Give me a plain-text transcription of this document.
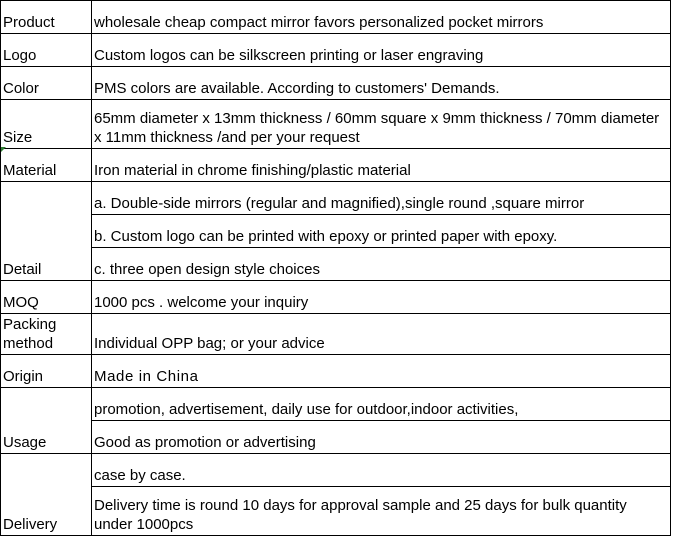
Product	wholesale cheap compact mirror favors personalized pocket mirrors
Logo	Custom logos can be silkscreen printing or laser engraving
Color	PMS colors are available. According to customers' Demands.
Size	65mm diameter x 13mm thickness / 60mm square x 9mm thickness / 70mm diameter x 11mm thickness /and per your request
Material	Iron material in chrome finishing/plastic material
Detail	a. Double-side mirrors (regular and magnified),single round ,square mirror
	b. Custom logo can be printed with epoxy or printed paper with epoxy.
	c. three open design style choices
MOQ	1000 pcs . welcome your inquiry
Packing method	Individual OPP bag; or your advice
Origin	Made in China
Usage	promotion, advertisement, daily use for outdoor,indoor activities,
	Good as promotion or advertising
Delivery	case by case.
	Delivery time is round 10 days for approval sample and 25 days for bulk quantity under 1000pcs
